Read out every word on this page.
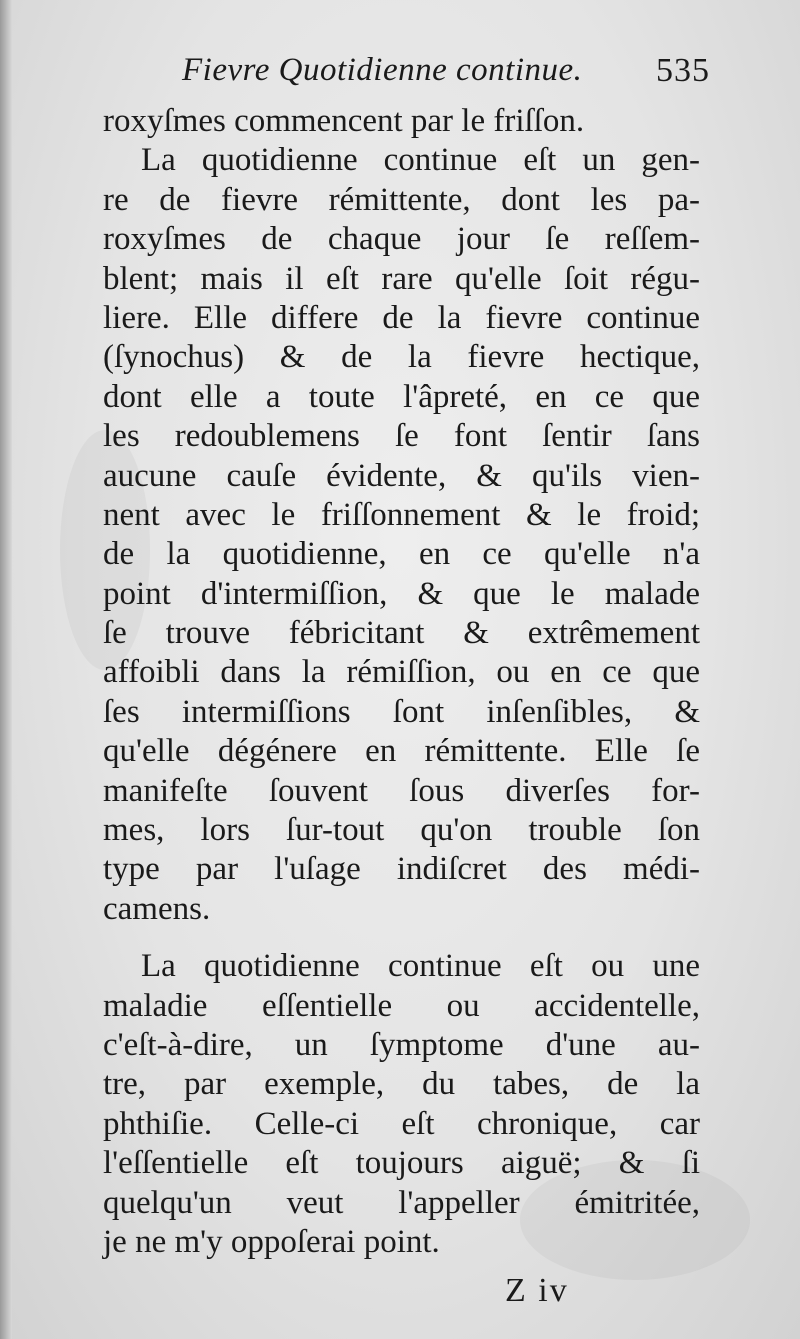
Fievre Quotidienne continue. 535
roxyſmes commencent par le friſſon.
La quotidienne continue eſt un gen-
re de fievre rémittente, dont les pa-
roxyſmes de chaque jour ſe reſſem-
blent; mais il eſt rare qu'elle ſoit régu-
liere. Elle differe de la fievre continue
(ſynochus) & de la fievre hectique,
dont elle a toute l'âpreté, en ce que
les redoublemens ſe font ſentir ſans
aucune cauſe évidente, & qu'ils vien-
nent avec le friſſonnement & le froid;
de la quotidienne, en ce qu'elle n'a
point d'intermiſſion, & que le malade
ſe trouve fébricitant & extrêmement
affoibli dans la rémiſſion, ou en ce que
ſes intermiſſions ſont inſenſibles, &
qu'elle dégénere en rémittente. Elle ſe
manifeſte ſouvent ſous diverſes for-
mes, lors ſur-tout qu'on trouble ſon
type par l'uſage indiſcret des médi-
camens.
La quotidienne continue eſt ou une
maladie eſſentielle ou accidentelle,
c'eſt-à-dire, un ſymptome d'une au-
tre, par exemple, du tabes, de la
phthiſie. Celle-ci eſt chronique, car
l'eſſentielle eſt toujours aiguë; & ſi
quelqu'un veut l'appeller émitritée,
je ne m'y oppoſerai point.
Z iv
